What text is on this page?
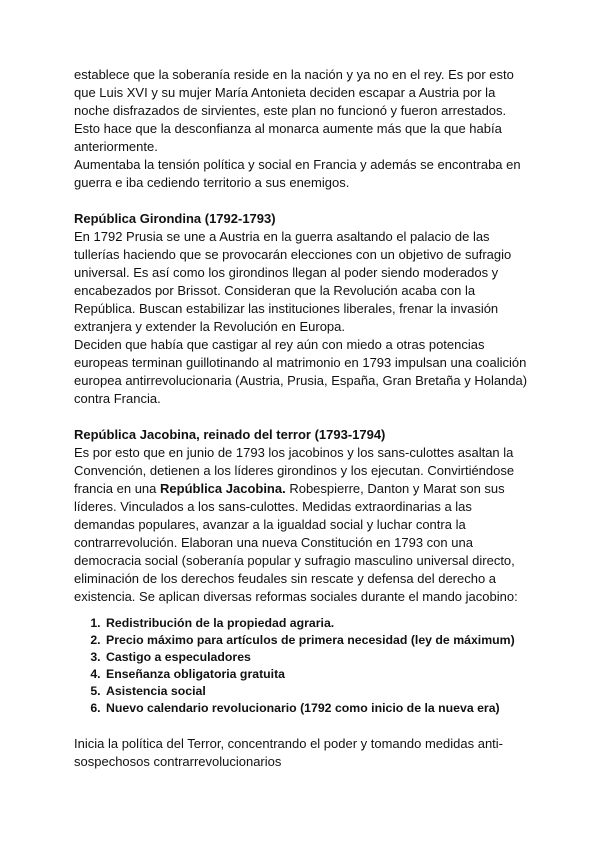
establece que la soberanía reside en la nación y ya no en el rey. Es por esto que Luis XVI y su mujer María Antonieta deciden escapar a Austria por la noche disfrazados de sirvientes, este plan no funcionó y fueron arrestados. Esto hace que la desconfianza al monarca aumente más que la que había anteriormente.

Aumentaba la tensión política y social en Francia y además se encontraba en guerra e iba cediendo territorio a sus enemigos.

República Girondina (1792-1793)

En 1792 Prusia se une a Austria en la guerra asaltando el palacio de las tullerías haciendo que se provocarán elecciones con un objetivo de sufragio universal. Es así como los girondinos llegan al poder siendo moderados y encabezados por Brissot. Consideran que la Revolución acaba con la República. Buscan estabilizar las instituciones liberales, frenar la invasión extranjera y extender la Revolución en Europa.

Deciden que había que castigar al rey aún con miedo a otras potencias europeas terminan guillotinando al matrimonio en 1793 impulsan una coalición europea antirrevolucionaria (Austria, Prusia, España, Gran Bretaña y Holanda) contra Francia.

República Jacobina, reinado del terror (1793-1794)

Es por esto que en junio de 1793 los jacobinos y los sans-culottes asaltan la Convención, detienen a los líderes girondinos y los ejecutan. Convirtiéndose francia en una República Jacobina. Robespierre, Danton y Marat son sus líderes. Vinculados a los sans-culottes. Medidas extraordinarias a las demandas populares, avanzar a la igualdad social y luchar contra la contrarrevolución. Elaboran una nueva Constitución en 1793 con una democracia social (soberanía popular y sufragio masculino universal directo, eliminación de los derechos feudales sin rescate y defensa del derecho a existencia. Se aplican diversas reformas sociales durante el mando jacobino:

1. Redistribución de la propiedad agraria.
2. Precio máximo para artículos de primera necesidad (ley de máximum)
3. Castigo a especuladores
4. Enseñanza obligatoria gratuita
5. Asistencia social
6. Nuevo calendario revolucionario (1792 como inicio de la nueva era)

Inicia la política del Terror, concentrando el poder y tomando medidas anti-sospechosos contrarrevolucionarios
